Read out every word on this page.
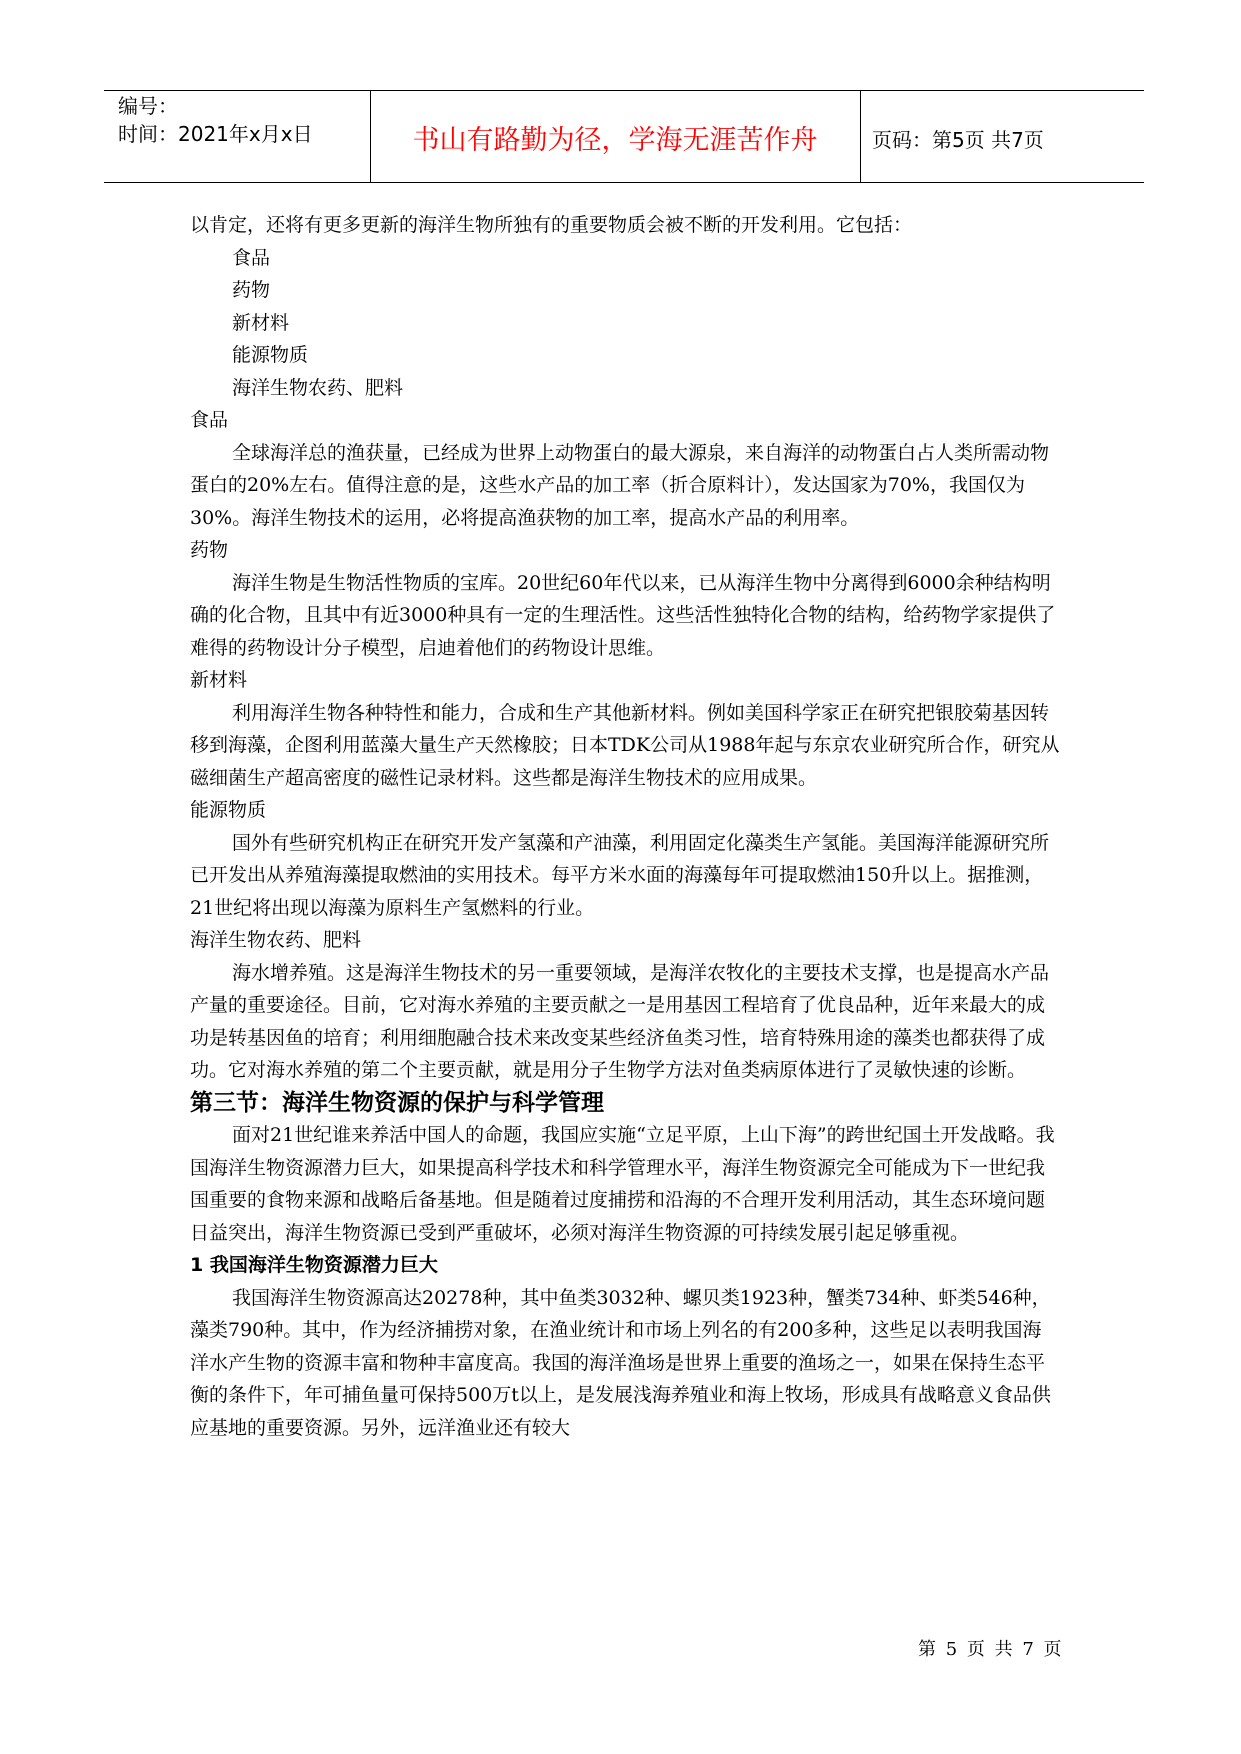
编号：
时间：2021年x月x日	书山有路勤为径，学海无涯苦作舟	页码：第5页 共7页

以肯定，还将有更多更新的海洋生物所独有的重要物质会被不断的开发利用。它包括：

食品

药物

新材料

能源物质

海洋生物农药、肥料

食品

全球海洋总的渔获量，已经成为世界上动物蛋白的最大源泉，来自海洋的动物蛋白占人类所需动物蛋白的20%左右。值得注意的是，这些水产品的加工率（折合原料计），发达国家为70%，我国仅为30%。海洋生物技术的运用，必将提高渔获物的加工率，提高水产品的利用率。

药物

海洋生物是生物活性物质的宝库。20世纪60年代以来，已从海洋生物中分离得到6000余种结构明确的化合物，且其中有近3000种具有一定的生理活性。这些活性独特化合物的结构，给药物学家提供了难得的药物设计分子模型，启迪着他们的药物设计思维。

新材料

利用海洋生物各种特性和能力，合成和生产其他新材料。例如美国科学家正在研究把银胶菊基因转移到海藻，企图利用蓝藻大量生产天然橡胶；日本TDK公司从1988年起与东京农业研究所合作，研究从磁细菌生产超高密度的磁性记录材料。这些都是海洋生物技术的应用成果。

能源物质

国外有些研究机构正在研究开发产氢藻和产油藻，利用固定化藻类生产氢能。美国海洋能源研究所已开发出从养殖海藻提取燃油的实用技术。每平方米水面的海藻每年可提取燃油150升以上。据推测，21世纪将出现以海藻为原料生产氢燃料的行业。

海洋生物农药、肥料

海水增养殖。这是海洋生物技术的另一重要领域，是海洋农牧化的主要技术支撑，也是提高水产品产量的重要途径。目前，它对海水养殖的主要贡献之一是用基因工程培育了优良品种，近年来最大的成功是转基因鱼的培育；利用细胞融合技术来改变某些经济鱼类习性，培育特殊用途的藻类也都获得了成功。它对海水养殖的第二个主要贡献，就是用分子生物学方法对鱼类病原体进行了灵敏快速的诊断。

第三节：海洋生物资源的保护与科学管理

面对21世纪谁来养活中国人的命题，我国应实施“立足平原，上山下海”的跨世纪国土开发战略。我国海洋生物资源潜力巨大，如果提高科学技术和科学管理水平，海洋生物资源完全可能成为下一世纪我国重要的食物来源和战略后备基地。但是随着过度捕捞和沿海的不合理开发利用活动，其生态环境问题日益突出，海洋生物资源已受到严重破坏，必须对海洋生物资源的可持续发展引起足够重视。

1 我国海洋生物资源潜力巨大

我国海洋生物资源高达20278种，其中鱼类3032种、螺贝类1923种，蟹类734种、虾类546种，藻类790种。其中，作为经济捕捞对象，在渔业统计和市场上列名的有200多种，这些足以表明我国海洋水产生物的资源丰富和物种丰富度高。我国的海洋渔场是世界上重要的渔场之一，如果在保持生态平衡的条件下，年可捕鱼量可保持500万t以上，是发展浅海养殖业和海上牧场，形成具有战略意义食品供应基地的重要资源。另外，远洋渔业还有较大

第 5 页 共 7 页
